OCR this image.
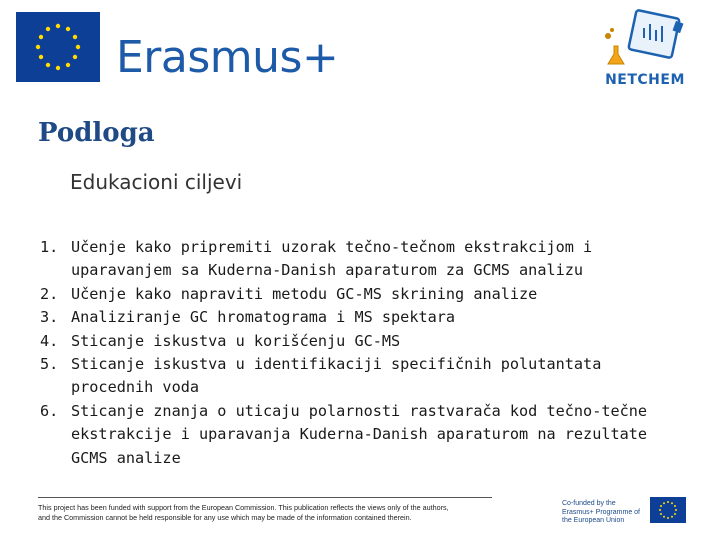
Erasmus+	NETCHEM
Podloga
Edukacioni ciljevi
1. Učenje kako pripremiti uzorak tečno-tečnom ekstrakcijom i uparavanjem sa Kuderna-Danish aparaturom za GCMS analizu
2. Učenje kako napraviti metodu GC-MS skrining analize
3. Analiziranje GC hromatograma i MS spektara
4. Sticanje iskustva u korišćenju GC-MS
5. Sticanje iskustva u identifikaciji specifičnih polutantata procednih voda
6. Sticanje znanja o uticaju polarnosti rastvarača kod tečno-tečne ekstrakcije i uparavanja Kuderna-Danish aparaturom na rezultate GCMS analize
This project has been funded with support from the European Commission. This publication reflects the views only of the authors,
and the Commission cannot be held responsible for any use which may be made of the information contained therein.
Co-funded by the Erasmus+ Programme of the European Union
